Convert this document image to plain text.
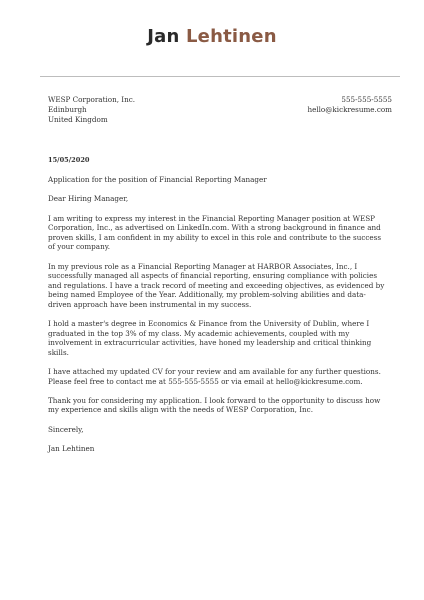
Jan Lehtinen
WESP Corporation, Inc.
Edinburgh
United Kingdom
555-555-5555
hello@kickresume.com

15/05/2020

Application for the position of Financial Reporting Manager

Dear Hiring Manager,

I am writing to express my interest in the Financial Reporting Manager position at WESP Corporation, Inc., as advertised on LinkedIn.com. With a strong background in finance and proven skills, I am confident in my ability to excel in this role and contribute to the success of your company.

In my previous role as a Financial Reporting Manager at HARBOR Associates, Inc., I successfully managed all aspects of financial reporting, ensuring compliance with policies and regulations. I have a track record of meeting and exceeding objectives, as evidenced by being named Employee of the Year. Additionally, my problem-solving abilities and data-driven approach have been instrumental in my success.

I hold a master's degree in Economics & Finance from the University of Dublin, where I graduated in the top 3% of my class. My academic achievements, coupled with my involvement in extracurricular activities, have honed my leadership and critical thinking skills.

I have attached my updated CV for your review and am available for any further questions. Please feel free to contact me at 555-555-5555 or via email at hello@kickresume.com.

Thank you for considering my application. I look forward to the opportunity to discuss how my experience and skills align with the needs of WESP Corporation, Inc.

Sincerely,

Jan Lehtinen
